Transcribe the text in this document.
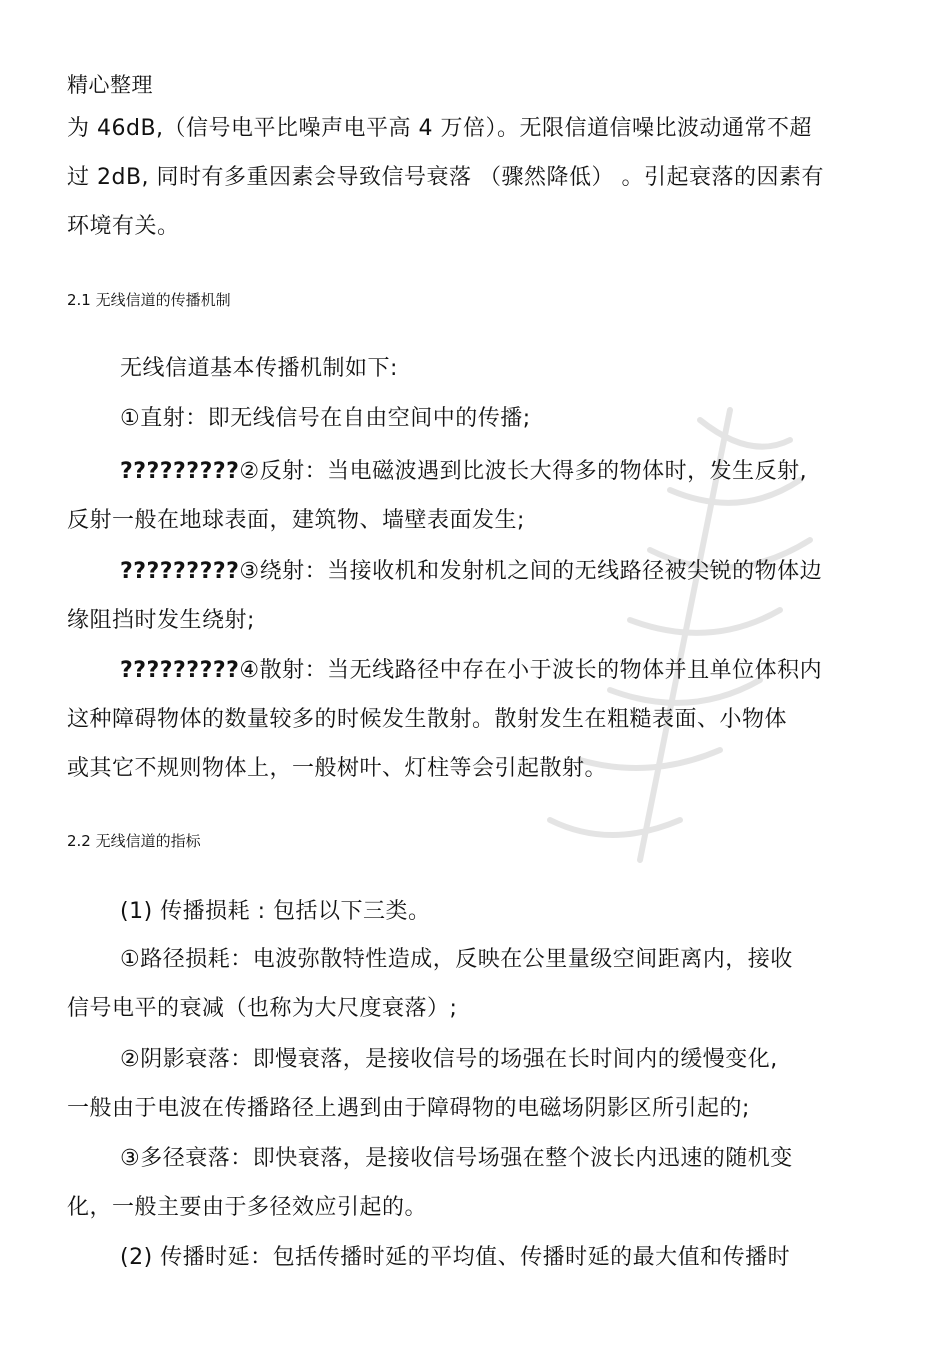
精心整理
为 46dB,（信号电平比噪声电平高 4 万倍）。无限信道信噪比波动通常不超
过 2dB, 同时有多重因素会导致信号衰落 （骤然降低） 。引起衰落的因素有
环境有关。
2.1 无线信道的传播机制
无线信道基本传播机制如下:
①直射：即无线信号在自由空间中的传播;
?????????②反射：当电磁波遇到比波长大得多的物体时，发生反射,
反射一般在地球表面，建筑物、墙壁表面发生;
?????????③绕射：当接收机和发射机之间的无线路径被尖锐的物体边
缘阻挡时发生绕射;
?????????④散射：当无线路径中存在小于波长的物体并且单位体积内
这种障碍物体的数量较多的时候发生散射。散射发生在粗糙表面、小物体
或其它不规则物体上，一般树叶、灯柱等会引起散射。
2.2 无线信道的指标
(1) 传播损耗 : 包括以下三类。
①路径损耗：电波弥散特性造成，反映在公里量级空间距离内，接收
信号电平的衰减（也称为大尺度衰落）;
②阴影衰落：即慢衰落，是接收信号的场强在长时间内的缓慢变化,
一般由于电波在传播路径上遇到由于障碍物的电磁场阴影区所引起的;
③多径衰落：即快衰落，是接收信号场强在整个波长内迅速的随机变
化，一般主要由于多径效应引起的。
(2) 传播时延：包括传播时延的平均值、传播时延的最大值和传播时
